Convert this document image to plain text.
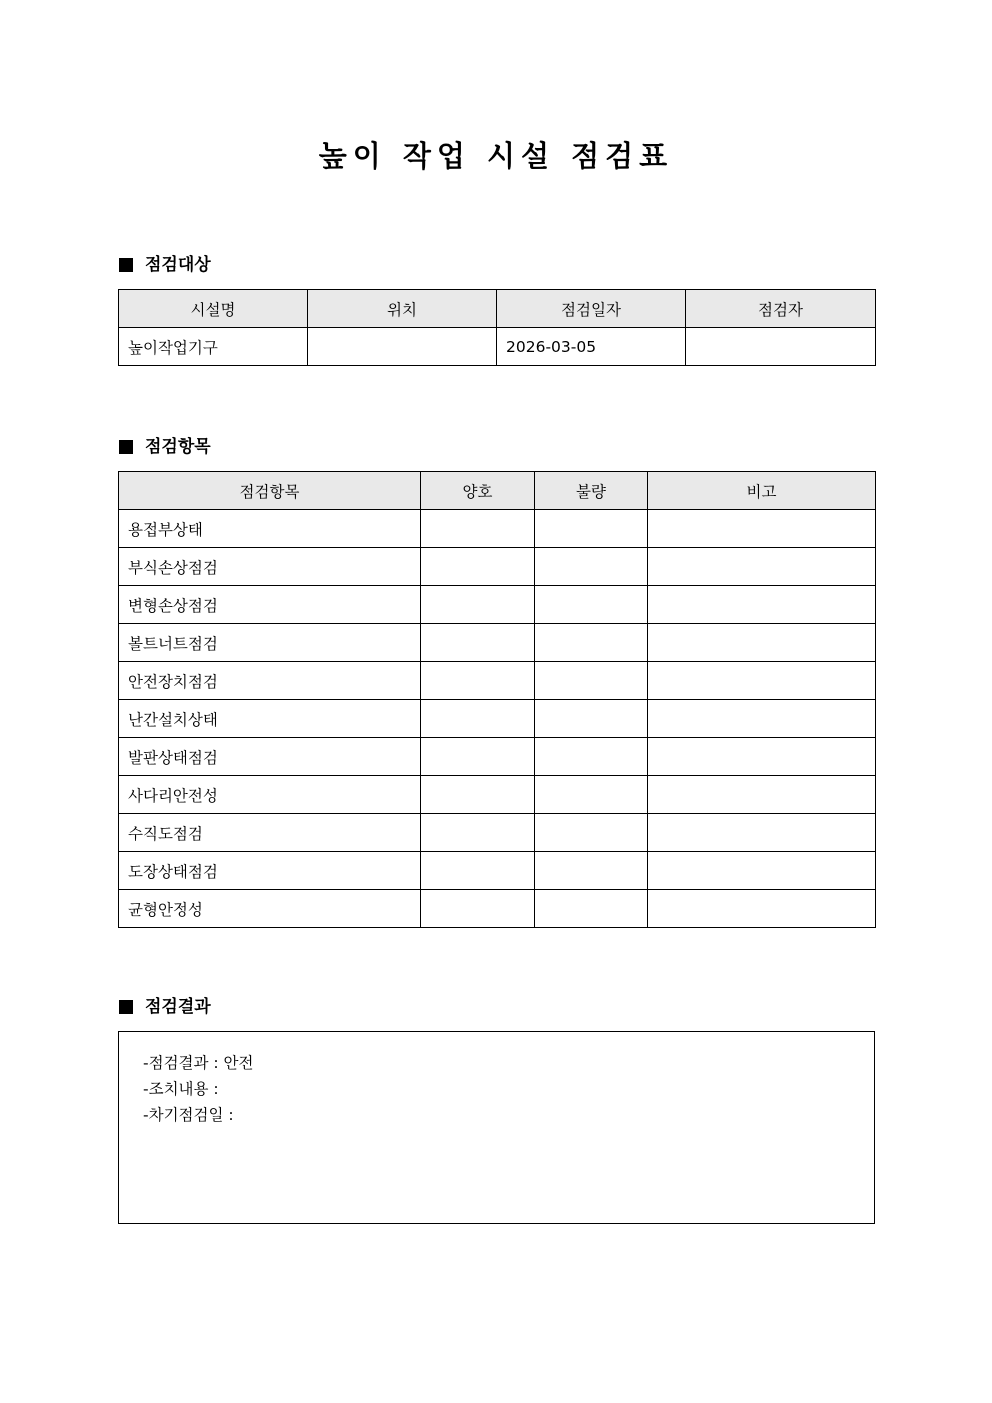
높이 작업 시설 점검표
점검대상
시설명	위치	점검일자	점검자
높이작업기구		2026-03-05	
점검항목
점검항목	양호	불량	비고
용접부상태			
부식손상점검			
변형손상점검			
볼트너트점검			
안전장치점검			
난간설치상태			
발판상태점검			
사다리안전성			
수직도점검			
도장상태점검			
균형안정성			
점검결과
-점검결과 : 안전
-조치내용 :
-차기점검일 :
